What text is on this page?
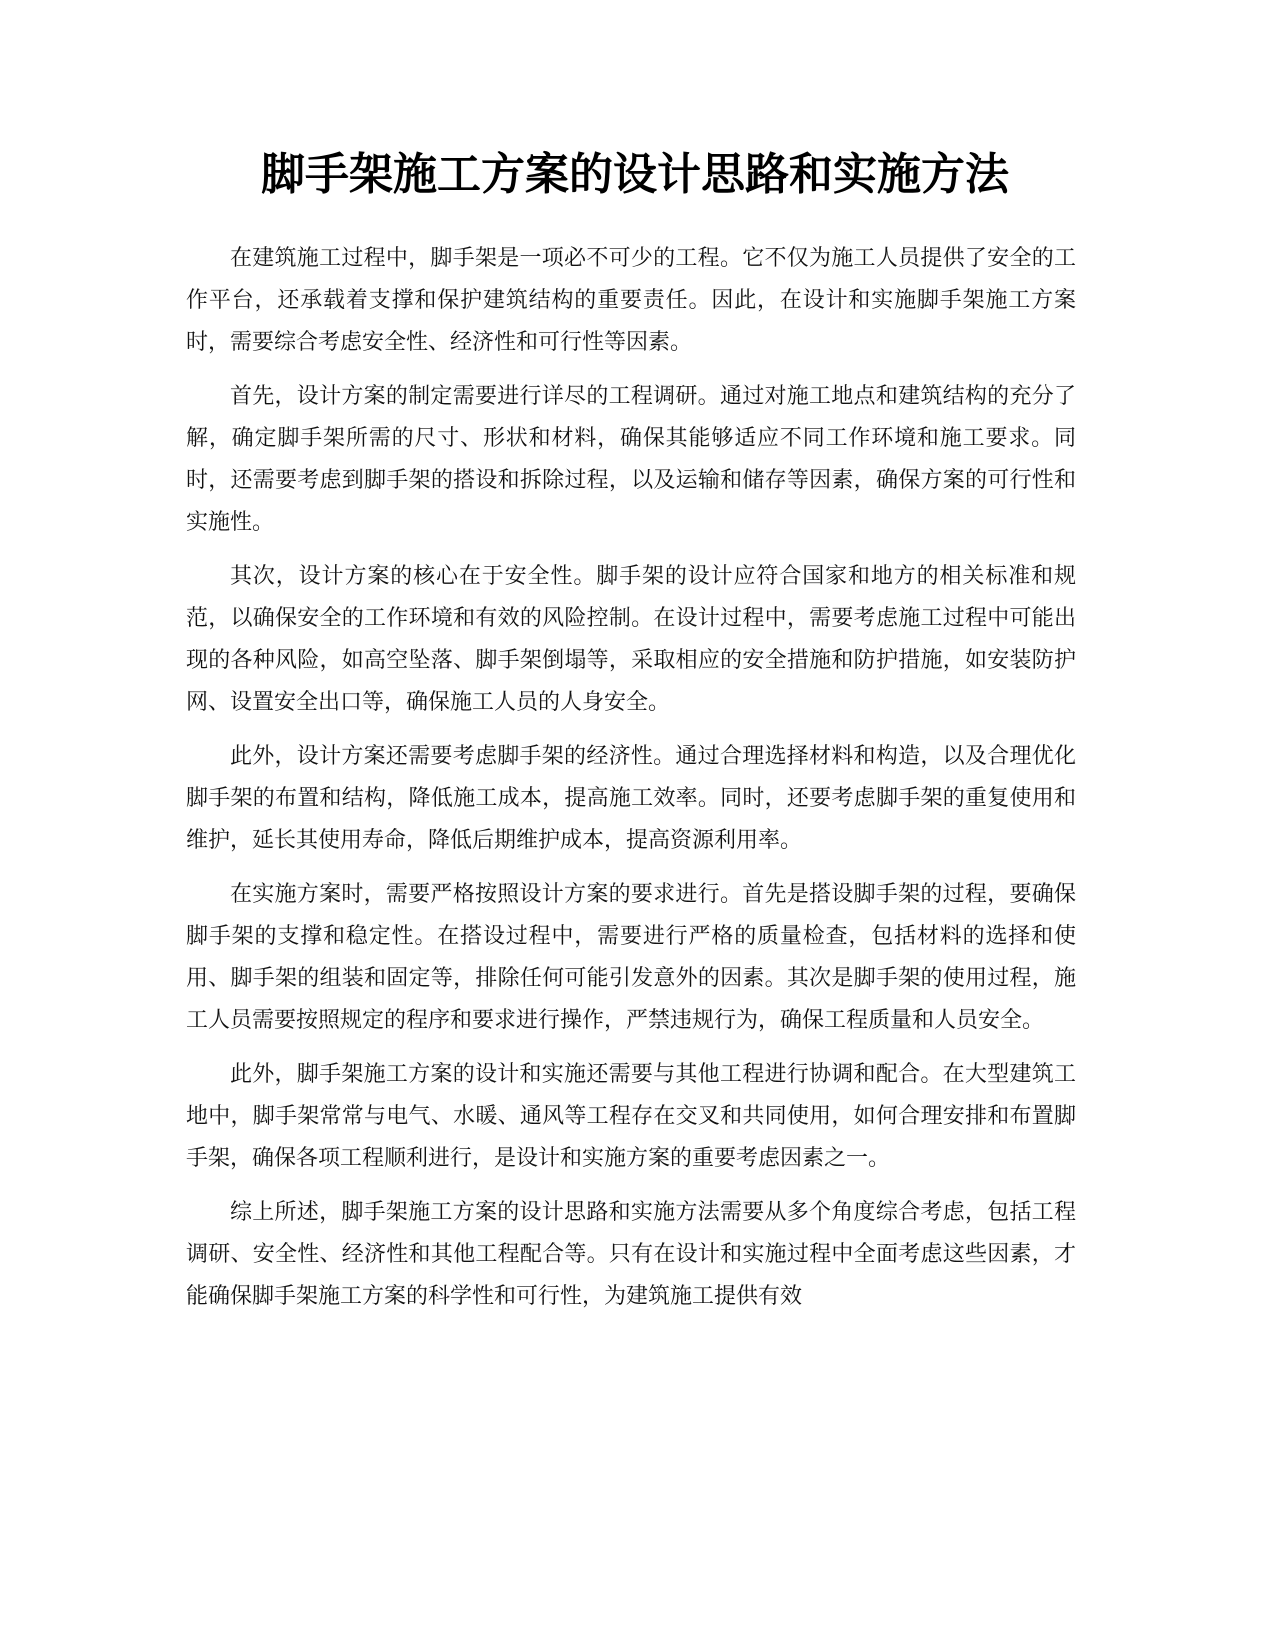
脚手架施工方案的设计思路和实施方法

在建筑施工过程中，脚手架是一项必不可少的工程。它不仅为施工人员提供了安全的工作平台，还承载着支撑和保护建筑结构的重要责任。因此，在设计和实施脚手架施工方案时，需要综合考虑安全性、经济性和可行性等因素。

首先，设计方案的制定需要进行详尽的工程调研。通过对施工地点和建筑结构的充分了解，确定脚手架所需的尺寸、形状和材料，确保其能够适应不同工作环境和施工要求。同时，还需要考虑到脚手架的搭设和拆除过程，以及运输和储存等因素，确保方案的可行性和实施性。

其次，设计方案的核心在于安全性。脚手架的设计应符合国家和地方的相关标准和规范，以确保安全的工作环境和有效的风险控制。在设计过程中，需要考虑施工过程中可能出现的各种风险，如高空坠落、脚手架倒塌等，采取相应的安全措施和防护措施，如安装防护网、设置安全出口等，确保施工人员的人身安全。

此外，设计方案还需要考虑脚手架的经济性。通过合理选择材料和构造，以及合理优化脚手架的布置和结构，降低施工成本，提高施工效率。同时，还要考虑脚手架的重复使用和维护，延长其使用寿命，降低后期维护成本，提高资源利用率。

在实施方案时，需要严格按照设计方案的要求进行。首先是搭设脚手架的过程，要确保脚手架的支撑和稳定性。在搭设过程中，需要进行严格的质量检查，包括材料的选择和使用、脚手架的组装和固定等，排除任何可能引发意外的因素。其次是脚手架的使用过程，施工人员需要按照规定的程序和要求进行操作，严禁违规行为，确保工程质量和人员安全。

此外，脚手架施工方案的设计和实施还需要与其他工程进行协调和配合。在大型建筑工地中，脚手架常常与电气、水暖、通风等工程存在交叉和共同使用，如何合理安排和布置脚手架，确保各项工程顺利进行，是设计和实施方案的重要考虑因素之一。

综上所述，脚手架施工方案的设计思路和实施方法需要从多个角度综合考虑，包括工程调研、安全性、经济性和其他工程配合等。只有在设计和实施过程中全面考虑这些因素，才能确保脚手架施工方案的科学性和可行性，为建筑施工提供有效
